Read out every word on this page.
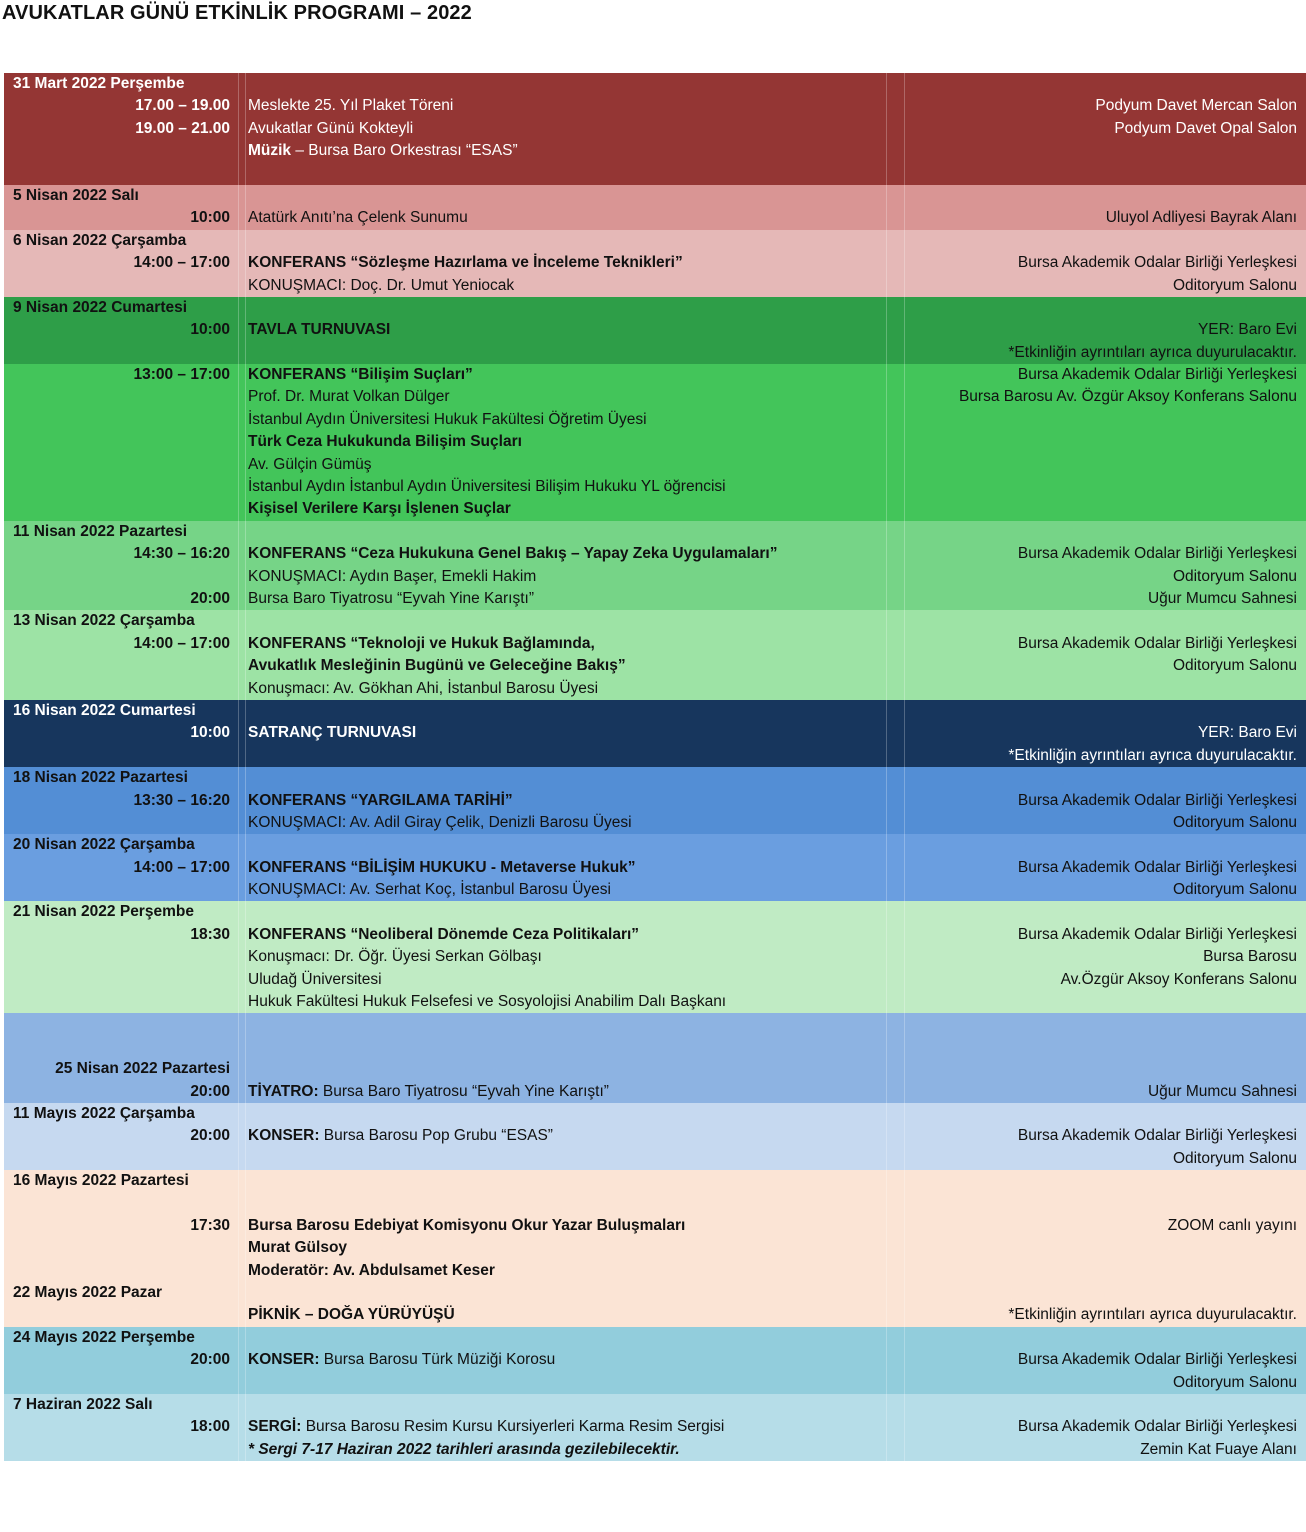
AVUKATLAR GÜNÜ ETKİNLİK PROGRAMI – 2022
31 Mart 2022 Perşembe
17.00 – 19.00 Meslekte 25. Yıl Plaket Töreni	Podyum Davet Mercan Salon
19.00 – 21.00 Avukatlar Günü Kokteyli	Podyum Davet Opal Salon
Müzik – Bursa Baro Orkestrası “ESAS”
5 Nisan 2022 Salı
10:00 Atatürk Anıtı’na Çelenk Sunumu	Uluyol Adliyesi Bayrak Alanı
6 Nisan 2022 Çarşamba
14:00 – 17:00 KONFERANS “Sözleşme Hazırlama ve İnceleme Teknikleri”	Bursa Akademik Odalar Birliği Yerleşkesi
KONUŞMACI: Doç. Dr. Umut Yeniocak	Oditoryum Salonu
9 Nisan 2022 Cumartesi
10:00 TAVLA TURNUVASI	YER: Baro Evi
*Etkinliğin ayrıntıları ayrıca duyurulacaktır.
13:00 – 17:00 KONFERANS “Bilişim Suçları”	Bursa Akademik Odalar Birliği Yerleşkesi
Prof. Dr. Murat Volkan Dülger	Bursa Barosu Av. Özgür Aksoy Konferans Salonu
İstanbul Aydın Üniversitesi Hukuk Fakültesi Öğretim Üyesi
Türk Ceza Hukukunda Bilişim Suçları
Av. Gülçin Gümüş
İstanbul Aydın İstanbul Aydın Üniversitesi Bilişim Hukuku YL öğrencisi
Kişisel Verilere Karşı İşlenen Suçlar
11 Nisan 2022 Pazartesi
14:30 – 16:20 KONFERANS “Ceza Hukukuna Genel Bakış – Yapay Zeka Uygulamaları”	Bursa Akademik Odalar Birliği Yerleşkesi
KONUŞMACI: Aydın Başer, Emekli Hakim	Oditoryum Salonu
20:00 Bursa Baro Tiyatrosu “Eyvah Yine Karıştı”	Uğur Mumcu Sahnesi
13 Nisan 2022 Çarşamba
14:00 – 17:00 KONFERANS “Teknoloji ve Hukuk Bağlamında,	Bursa Akademik Odalar Birliği Yerleşkesi
Avukatlık Mesleğinin Bugünü ve Geleceğine Bakış”	Oditoryum Salonu
Konuşmacı: Av. Gökhan Ahi, İstanbul Barosu Üyesi
16 Nisan 2022 Cumartesi
10:00 SATRANÇ TURNUVASI	YER: Baro Evi
*Etkinliğin ayrıntıları ayrıca duyurulacaktır.
18 Nisan 2022 Pazartesi
13:30 – 16:20 KONFERANS “YARGILAMA TARİHİ”	Bursa Akademik Odalar Birliği Yerleşkesi
KONUŞMACI: Av. Adil Giray Çelik, Denizli Barosu Üyesi	Oditoryum Salonu
20 Nisan 2022 Çarşamba
14:00 – 17:00 KONFERANS “BİLİŞİM HUKUKU - Metaverse Hukuk”	Bursa Akademik Odalar Birliği Yerleşkesi
KONUŞMACI: Av. Serhat Koç, İstanbul Barosu Üyesi	Oditoryum Salonu
21 Nisan 2022 Perşembe
18:30 KONFERANS “Neoliberal Dönemde Ceza Politikaları”	Bursa Akademik Odalar Birliği Yerleşkesi
Konuşmacı: Dr. Öğr. Üyesi Serkan Gölbaşı	Bursa Barosu
Uludağ Üniversitesi	Av.Özgür Aksoy Konferans Salonu
Hukuk Fakültesi Hukuk Felsefesi ve Sosyolojisi Anabilim Dalı Başkanı
25 Nisan 2022 Pazartesi
20:00 TİYATRO: Bursa Baro Tiyatrosu “Eyvah Yine Karıştı”	Uğur Mumcu Sahnesi
11 Mayıs 2022 Çarşamba
20:00 KONSER: Bursa Barosu Pop Grubu “ESAS”	Bursa Akademik Odalar Birliği Yerleşkesi
Oditoryum Salonu
16 Mayıs 2022 Pazartesi
17:30 Bursa Barosu Edebiyat Komisyonu Okur Yazar Buluşmaları	ZOOM canlı yayını
Murat Gülsoy
Moderatör: Av. Abdulsamet Keser
22 Mayıs 2022 Pazar
PİKNİK – DOĞA YÜRÜYÜŞÜ	*Etkinliğin ayrıntıları ayrıca duyurulacaktır.
24 Mayıs 2022 Perşembe
20:00 KONSER: Bursa Barosu Türk Müziği Korosu	Bursa Akademik Odalar Birliği Yerleşkesi
Oditoryum Salonu
7 Haziran 2022 Salı
18:00 SERGİ: Bursa Barosu Resim Kursu Kursiyerleri Karma Resim Sergisi	Bursa Akademik Odalar Birliği Yerleşkesi
* Sergi 7-17 Haziran 2022 tarihleri arasında gezilebilecektir.	Zemin Kat Fuaye Alanı
